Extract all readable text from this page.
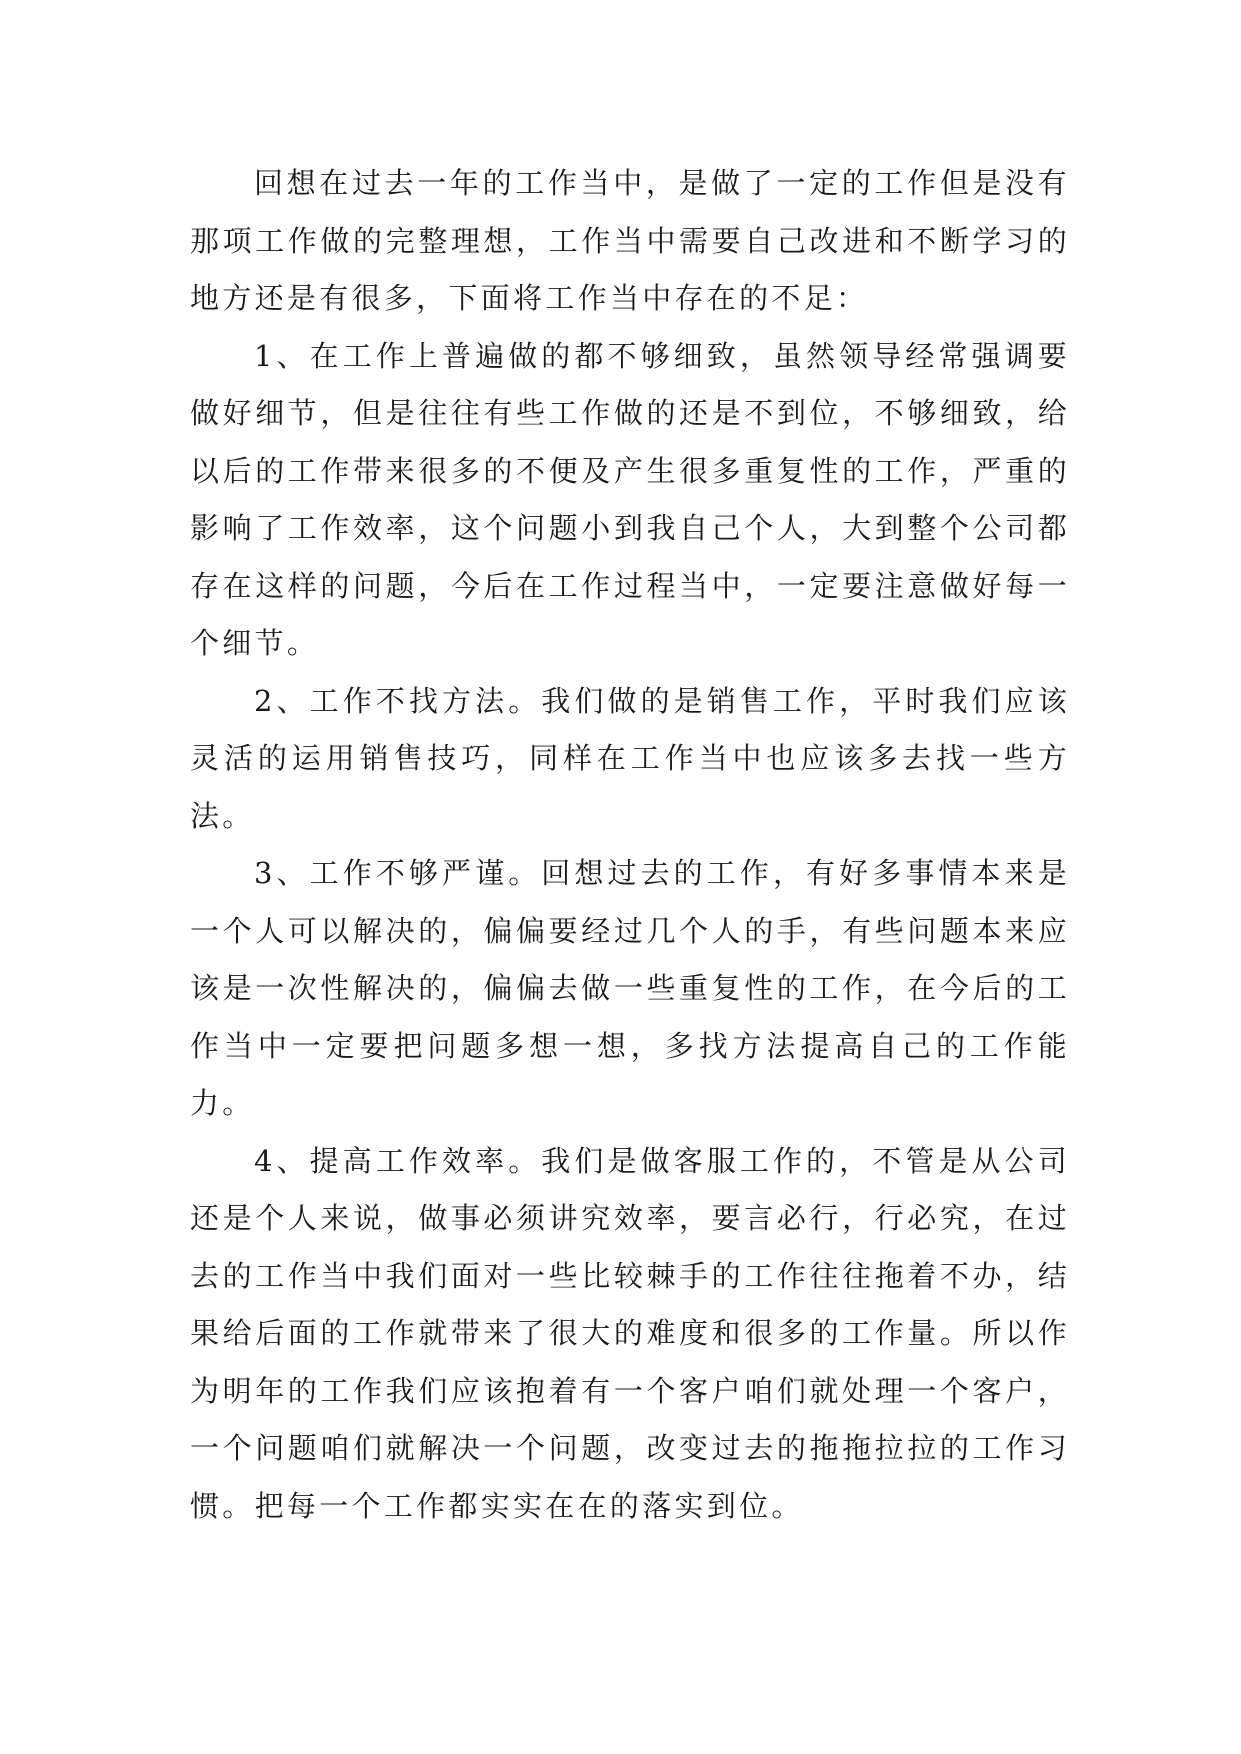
回想在过去一年的工作当中，是做了一定的工作但是没有那项工作做的完整理想，工作当中需要自己改进和不断学习的地方还是有很多，下面将工作当中存在的不足：

1、在工作上普遍做的都不够细致，虽然领导经常强调要做好细节，但是往往有些工作做的还是不到位，不够细致，给以后的工作带来很多的不便及产生很多重复性的工作，严重的影响了工作效率，这个问题小到我自己个人，大到整个公司都存在这样的问题，今后在工作过程当中，一定要注意做好每一个细节。

2、工作不找方法。我们做的是销售工作，平时我们应该灵活的运用销售技巧，同样在工作当中也应该多去找一些方法。

3、工作不够严谨。回想过去的工作，有好多事情本来是一个人可以解决的，偏偏要经过几个人的手，有些问题本来应该是一次性解决的，偏偏去做一些重复性的工作，在今后的工作当中一定要把问题多想一想，多找方法提高自己的工作能力。

4、提高工作效率。我们是做客服工作的，不管是从公司还是个人来说，做事必须讲究效率，要言必行，行必究，在过去的工作当中我们面对一些比较棘手的工作往往拖着不办，结果给后面的工作就带来了很大的难度和很多的工作量。所以作为明年的工作我们应该抱着有一个客户咱们就处理一个客户，一个问题咱们就解决一个问题，改变过去的拖拖拉拉的工作习惯。把每一个工作都实实在在的落实到位。
